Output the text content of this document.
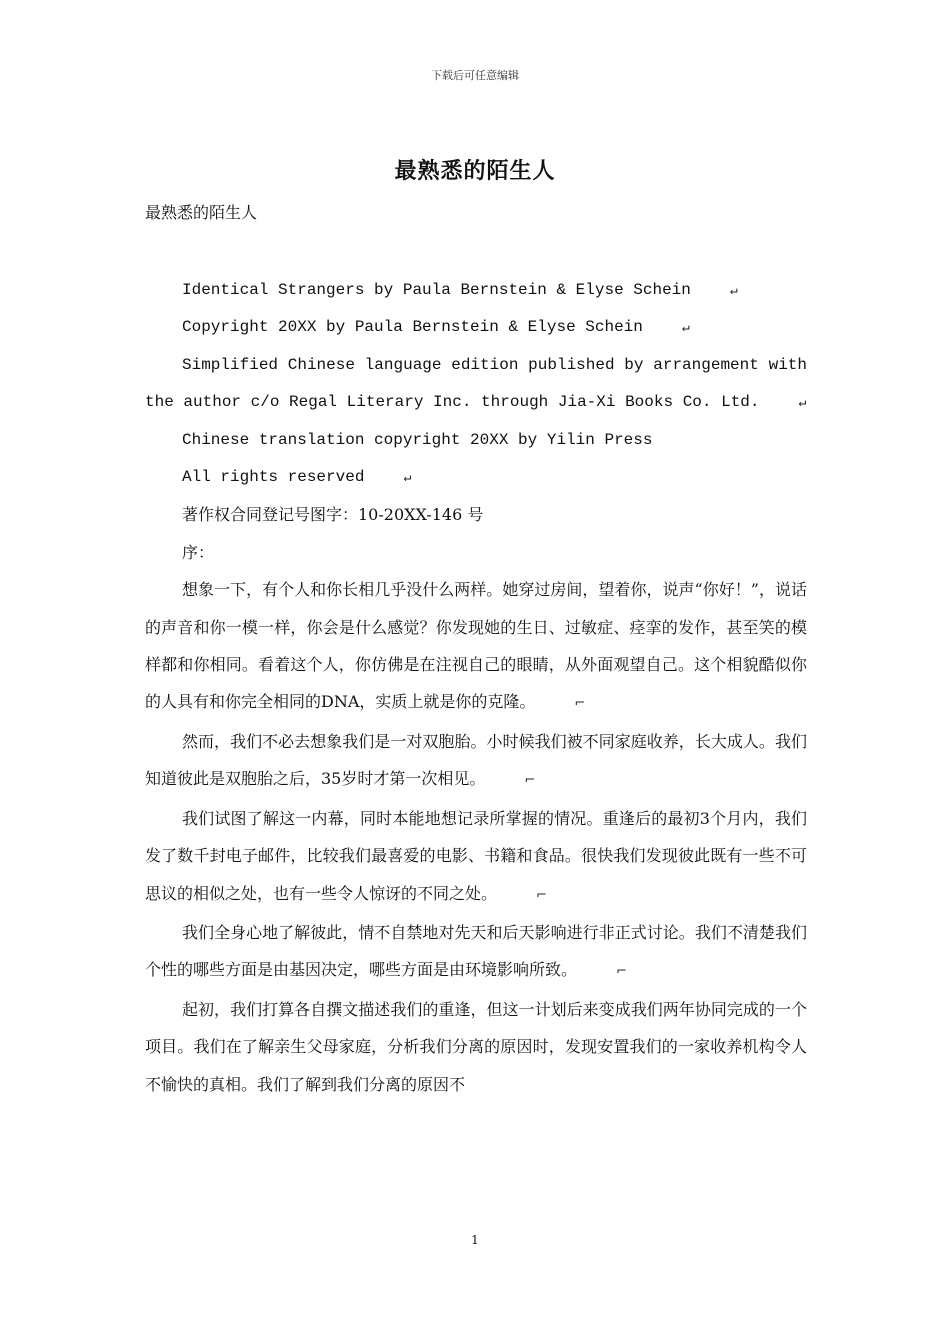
下载后可任意编辑
最熟悉的陌生人
最熟悉的陌生人

Identical Strangers by Paula Bernstein & Elyse Schein	↵

Copyright 20XX by Paula Bernstein & Elyse Schein	↵

Simplified Chinese language edition published by arrangement with the author c/o Regal Literary Inc. through Jia-Xi Books Co. Ltd.	↵

Chinese translation copyright 20XX by Yilin Press

All rights reserved	↵

著作权合同登记号图字：10-20XX-146 号

序：

想象一下，有个人和你长相几乎没什么两样。她穿过房间，望着你，说声“你好！”，说话的声音和你一模一样，你会是什么感觉？你发现她的生日、过敏症、痉挛的发作，甚至笑的模样都和你相同。看着这个人，你仿佛是在注视自己的眼睛，从外面观望自己。这个相貌酷似你的人具有和你完全相同的DNA，实质上就是你的克隆。	⌐

然而，我们不必去想象我们是一对双胞胎。小时候我们被不同家庭收养，长大成人。我们知道彼此是双胞胎之后，35岁时才第一次相见。	⌐

我们试图了解这一内幕，同时本能地想记录所掌握的情况。重逢后的最初3个月内，我们发了数千封电子邮件，比较我们最喜爱的电影、书籍和食品。很快我们发现彼此既有一些不可思议的相似之处，也有一些令人惊讶的不同之处。	⌐

我们全身心地了解彼此，情不自禁地对先天和后天影响进行非正式讨论。我们不清楚我们个性的哪些方面是由基因决定，哪些方面是由环境影响所致。	⌐

起初，我们打算各自撰文描述我们的重逢，但这一计划后来变成我们两年协同完成的一个项目。我们在了解亲生父母家庭，分析我们分离的原因时，发现安置我们的一家收养机构令人不愉快的真相。我们了解到我们分离的原因不

1
